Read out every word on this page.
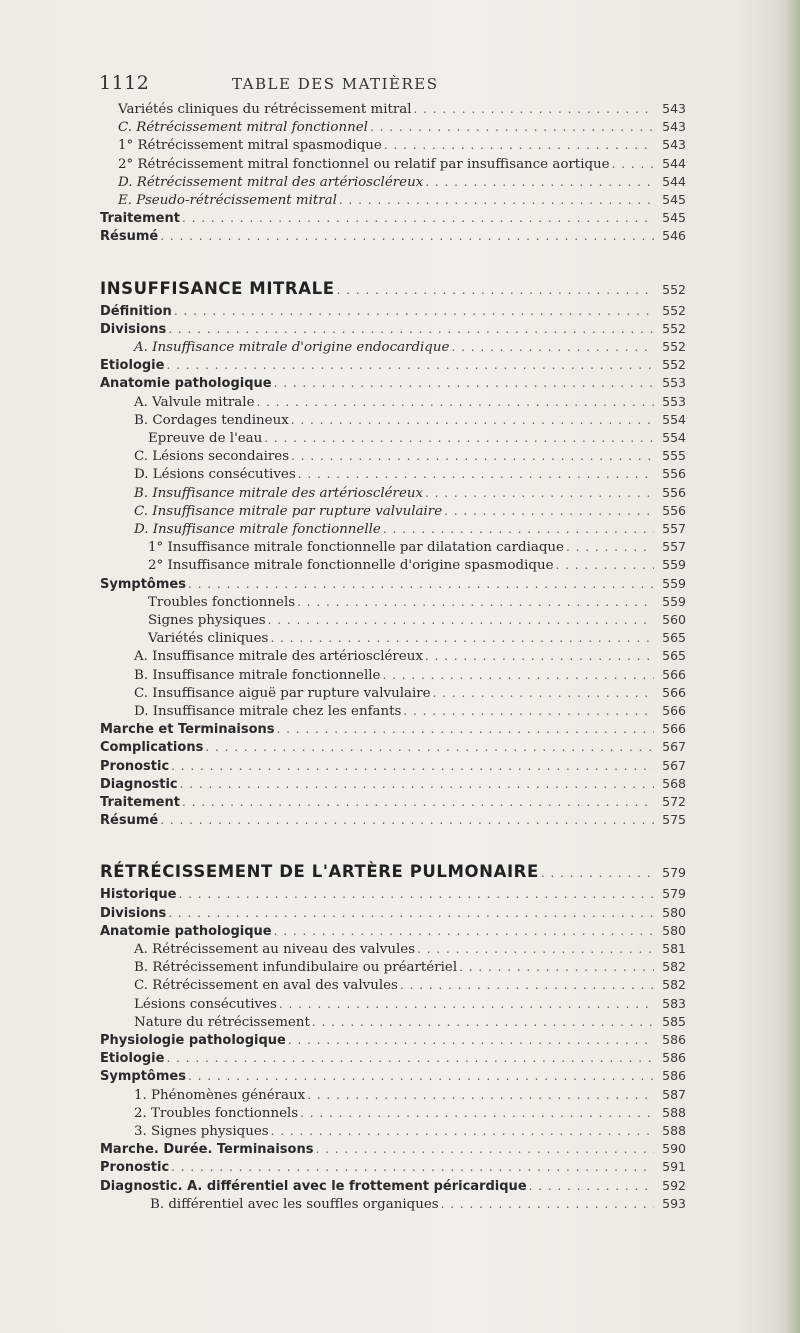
1112	TABLE DES MATIÈRES
Variétés cliniques du rétrécissement mitral . . .	543
C. Rétrécissement mitral fonctionnel . . .	543
1° Rétrécissement mitral spasmodique . . .	543
2° Rétrécissement mitral fonctionnel ou relatif par insuffisance aortique . . .	544
D. Rétrécissement mitral des artérioscléreux . . .	544
E. Pseudo-rétrécissement mitral . . .	545
Traitement . . .	545
Résumé . . .	546
INSUFFISANCE MITRALE . . .	552
Définition . . .	552
Divisions . . .	552
A. Insuffisance mitrale d'origine endocardique . . .	552
Etiologie . . .	552
Anatomie pathologique . . .	553
A. Valvule mitrale . . .	553
B. Cordages tendineux . . .	554
Epreuve de l'eau . . .	554
C. Lésions secondaires . . .	555
D. Lésions consécutives . . .	556
B. Insuffisance mitrale des artérioscléreux . . .	556
C. Insuffisance mitrale par rupture valvulaire . . .	556
D. Insuffisance mitrale fonctionnelle . . .	557
1° Insuffisance mitrale fonctionnelle par dilatation cardiaque . . .	557
2° Insuffisance mitrale fonctionnelle d'origine spasmodique . . .	559
Symptômes . . .	559
Troubles fonctionnels . . .	559
Signes physiques . . .	560
Variétés cliniques . . .	565
A. Insuffisance mitrale des artérioscléreux . . .	565
B. Insuffisance mitrale fonctionnelle . . .	566
C. Insuffisance aiguë par rupture valvulaire . . .	566
D. Insuffisance mitrale chez les enfants . . .	566
Marche et Terminaisons . . .	566
Complications . . .	567
Pronostic . . .	567
Diagnostic . . .	568
Traitement . . .	572
Résumé . . .	575
RÉTRÉCISSEMENT DE L'ARTÈRE PULMONAIRE . . .	579
Historique . . .	579
Divisions . . .	580
Anatomie pathologique . . .	580
A. Rétrécissement au niveau des valvules . . .	581
B. Rétrécissement infundibulaire ou préartériel . . .	582
C. Rétrécissement en aval des valvules . . .	582
Lésions consécutives . . .	583
Nature du rétrécissement . . .	585
Physiologie pathologique . . .	586
Etiologie . . .	586
Symptômes . . .	586
1. Phénomènes généraux . . .	587
2. Troubles fonctionnels . . .	588
3. Signes physiques . . .	588
Marche. Durée. Terminaisons . . .	590
Pronostic . . .	591
Diagnostic. A. différentiel avec le frottement péricardique . . .	592
B. différentiel avec les souffles organiques . . .	593
